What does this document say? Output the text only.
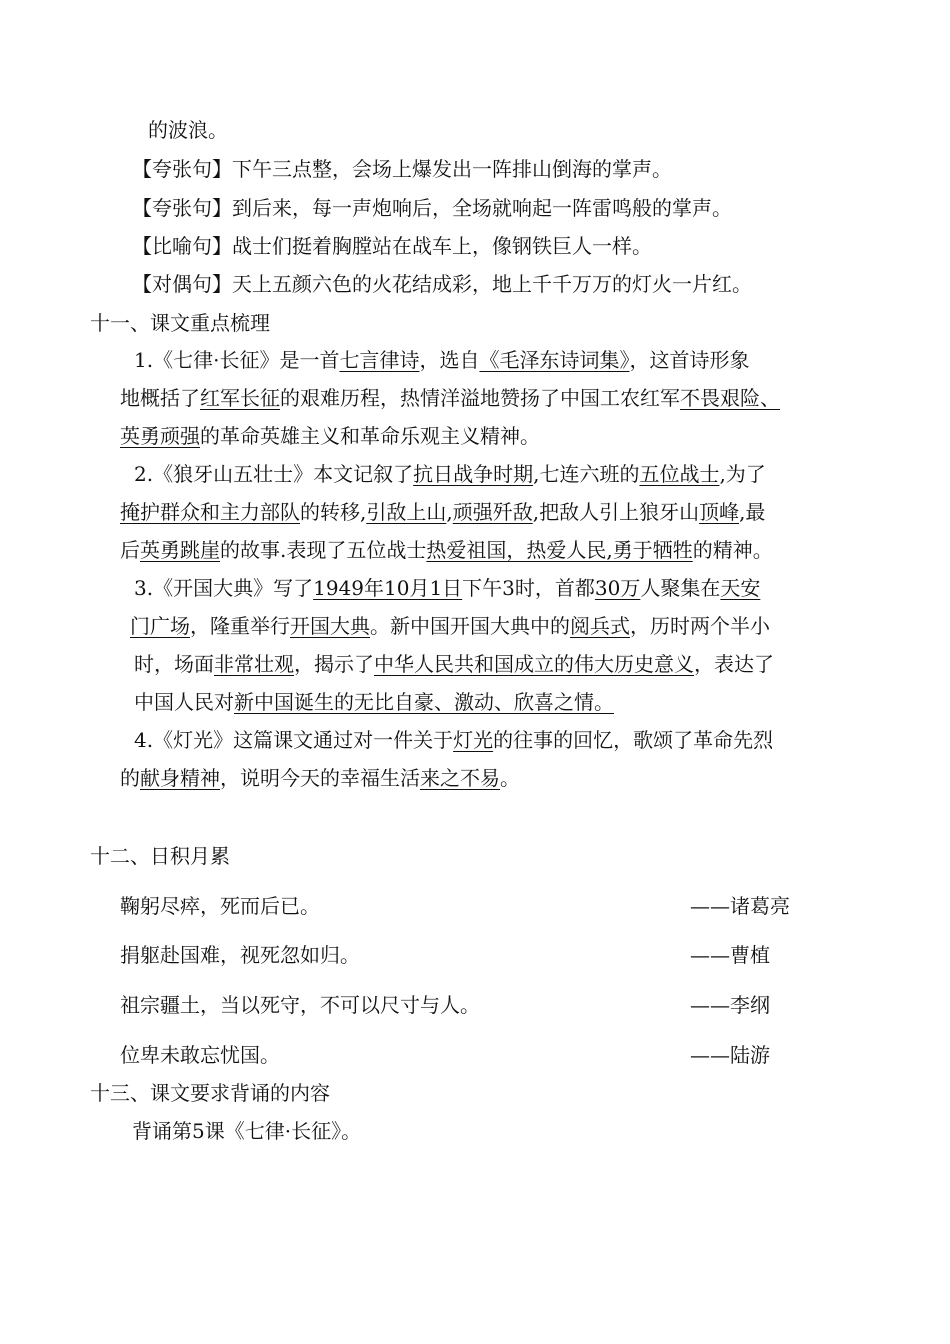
的波浪。
【夸张句】下午三点整，会场上爆发出一阵排山倒海的掌声。
【夸张句】到后来，每一声炮响后，全场就响起一阵雷鸣般的掌声。
【比喻句】战士们挺着胸膛站在战车上，像钢铁巨人一样。
【对偶句】天上五颜六色的火花结成彩，地上千千万万的灯火一片红。
十一、课文重点梳理
1.《七律·长征》是一首七言律诗，选自《毛泽东诗词集》，这首诗形象
地概括了红军长征的艰难历程，热情洋溢地赞扬了中国工农红军不畏艰险、
英勇顽强的革命英雄主义和革命乐观主义精神。
2.《狼牙山五壮士》本文记叙了抗日战争时期,七连六班的五位战士,为了
掩护群众和主力部队的转移,引敌上山,顽强歼敌,把敌人引上狼牙山顶峰,最
后英勇跳崖的故事.表现了五位战士热爱祖国，热爱人民,勇于牺牲的精神。
3.《开国大典》写了1949年10月1日下午3时，首都30万人聚集在天安
门广场，隆重举行开国大典。新中国开国大典中的阅兵式，历时两个半小
时，场面非常壮观，揭示了中华人民共和国成立的伟大历史意义，表达了
中国人民对新中国诞生的无比自豪、激动、欣喜之情。
4.《灯光》这篇课文通过对一件关于灯光的往事的回忆，歌颂了革命先烈
的献身精神，说明今天的幸福生活来之不易。
十二、日积月累
鞠躬尽瘁，死而后已。	——诸葛亮
捐躯赴国难，视死忽如归。	——曹植
祖宗疆土，当以死守，不可以尺寸与人。	——李纲
位卑未敢忘忧国。	——陆游
十三、课文要求背诵的内容
背诵第5课《七律·长征》。
